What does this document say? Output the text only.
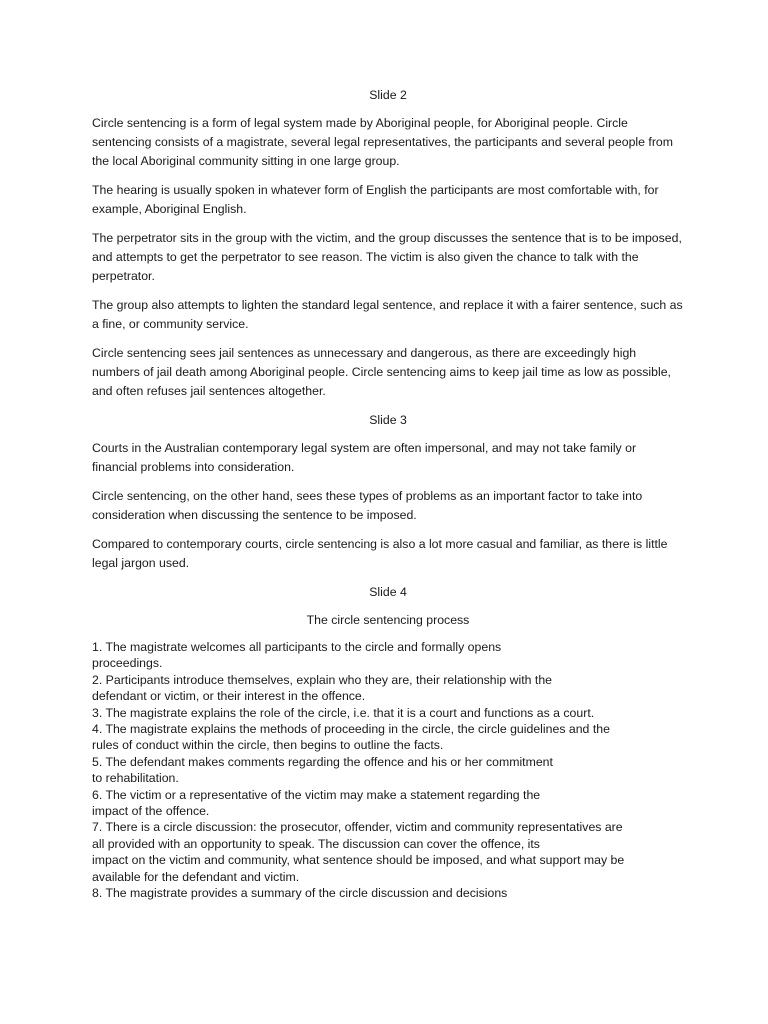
Slide 2

Circle sentencing is a form of legal system made by Aboriginal people, for Aboriginal people. Circle sentencing consists of a magistrate, several legal representatives, the participants and several people from the local Aboriginal community sitting in one large group.

The hearing is usually spoken in whatever form of English the participants are most comfortable with, for example, Aboriginal English.

The perpetrator sits in the group with the victim, and the group discusses the sentence that is to be imposed, and attempts to get the perpetrator to see reason. The victim is also given the chance to talk with the perpetrator.

The group also attempts to lighten the standard legal sentence, and replace it with a fairer sentence, such as a fine, or community service.

Circle sentencing sees jail sentences as unnecessary and dangerous, as there are exceedingly high numbers of jail death among Aboriginal people. Circle sentencing aims to keep jail time as low as possible, and often refuses jail sentences altogether.

Slide 3

Courts in the Australian contemporary legal system are often impersonal, and may not take family or financial problems into consideration.

Circle sentencing, on the other hand, sees these types of problems as an important factor to take into consideration when discussing the sentence to be imposed.

Compared to contemporary courts, circle sentencing is also a lot more casual and familiar, as there is little legal jargon used.

Slide 4
The circle sentencing process
1. The magistrate welcomes all participants to the circle and formally opens
proceedings.
2. Participants introduce themselves, explain who they are, their relationship with the
defendant or victim, or their interest in the offence.
3. The magistrate explains the role of the circle, i.e. that it is a court and functions as a court.
4. The magistrate explains the methods of proceeding in the circle, the circle guidelines and the
rules of conduct within the circle, then begins to outline the facts.
5. The defendant makes comments regarding the offence and his or her commitment
to rehabilitation.
6. The victim or a representative of the victim may make a statement regarding the
impact of the offence.
7. There is a circle discussion: the prosecutor, offender, victim and community representatives are
all provided with an opportunity to speak. The discussion can cover the offence, its
impact on the victim and community, what sentence should be imposed, and what support may be
available for the defendant and victim.
8. The magistrate provides a summary of the circle discussion and decisions
